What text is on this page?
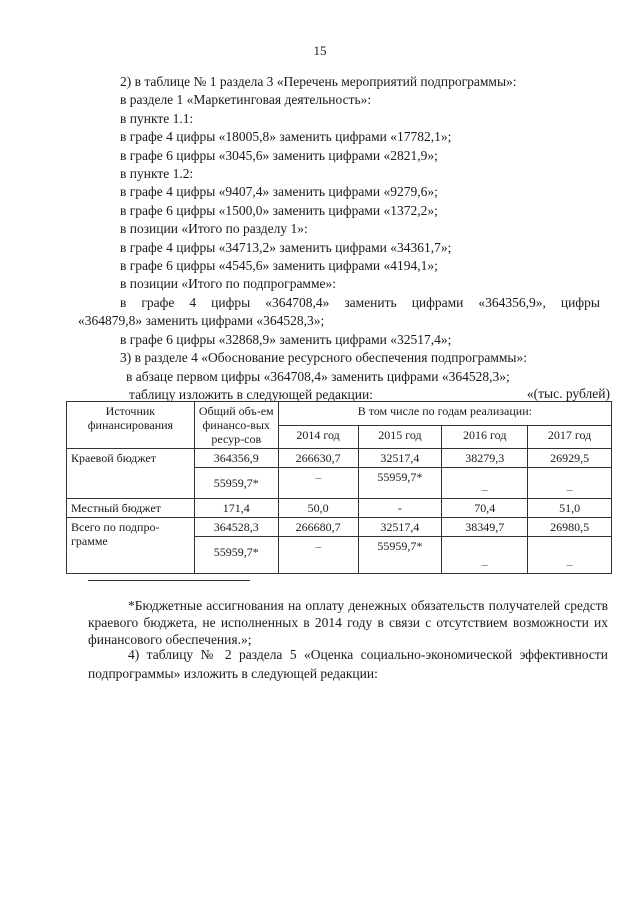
15
2) в таблице № 1 раздела 3 «Перечень мероприятий подпрограммы»:
в разделе 1 «Маркетинговая деятельность»:
в пункте 1.1:
в графе 4 цифры «18005,8» заменить цифрами «17782,1»;
в графе 6 цифры «3045,6» заменить цифрами «2821,9»;
в пункте 1.2:
в графе 4 цифры «9407,4» заменить цифрами «9279,6»;
в графе 6 цифры «1500,0» заменить цифрами «1372,2»;
в позиции «Итого по разделу 1»:
в графе 4 цифры «34713,2» заменить цифрами «34361,7»;
в графе 6 цифры «4545,6» заменить цифрами «4194,1»;
в позиции «Итого по подпрограмме»:
в графе 4 цифры «364708,4» заменить цифрами «364356,9», цифры
«364879,8» заменить цифрами «364528,3»;
в графе 6 цифры «32868,9» заменить цифрами «32517,4»;
3) в разделе 4 «Обоснование ресурсного обеспечения подпрограммы»:
в абзаце первом цифры «364708,4» заменить цифрами «364528,3»;
таблицу изложить в следующей редакции:	«(тыс. рублей)
Источник финансирования	Общий объ-ем финансо-вых ресур-сов	В том числе по годам реализации:			
		2014 год	2015 год	2016 год	2017 год
Краевой бюджет	364356,9	266630,7	32517,4	38279,3	26929,5
	55959,7*	–	55959,7*	–	–
Местный бюджет	171,4	50,0	-	70,4	51,0
Всего по подпро-грамме	364528,3	266680,7	32517,4	38349,7	26980,5
	55959,7*	–	55959,7*	–	–
*Бюджетные ассигнования на оплату денежных обязательств получателей средств краевого бюджета, не исполненных в 2014 году в связи с отсутствием возможности их финансового обеспечения.»;
4) таблицу № 2 раздела 5 «Оценка социально-экономической эффективности подпрограммы» изложить в следующей редакции:
